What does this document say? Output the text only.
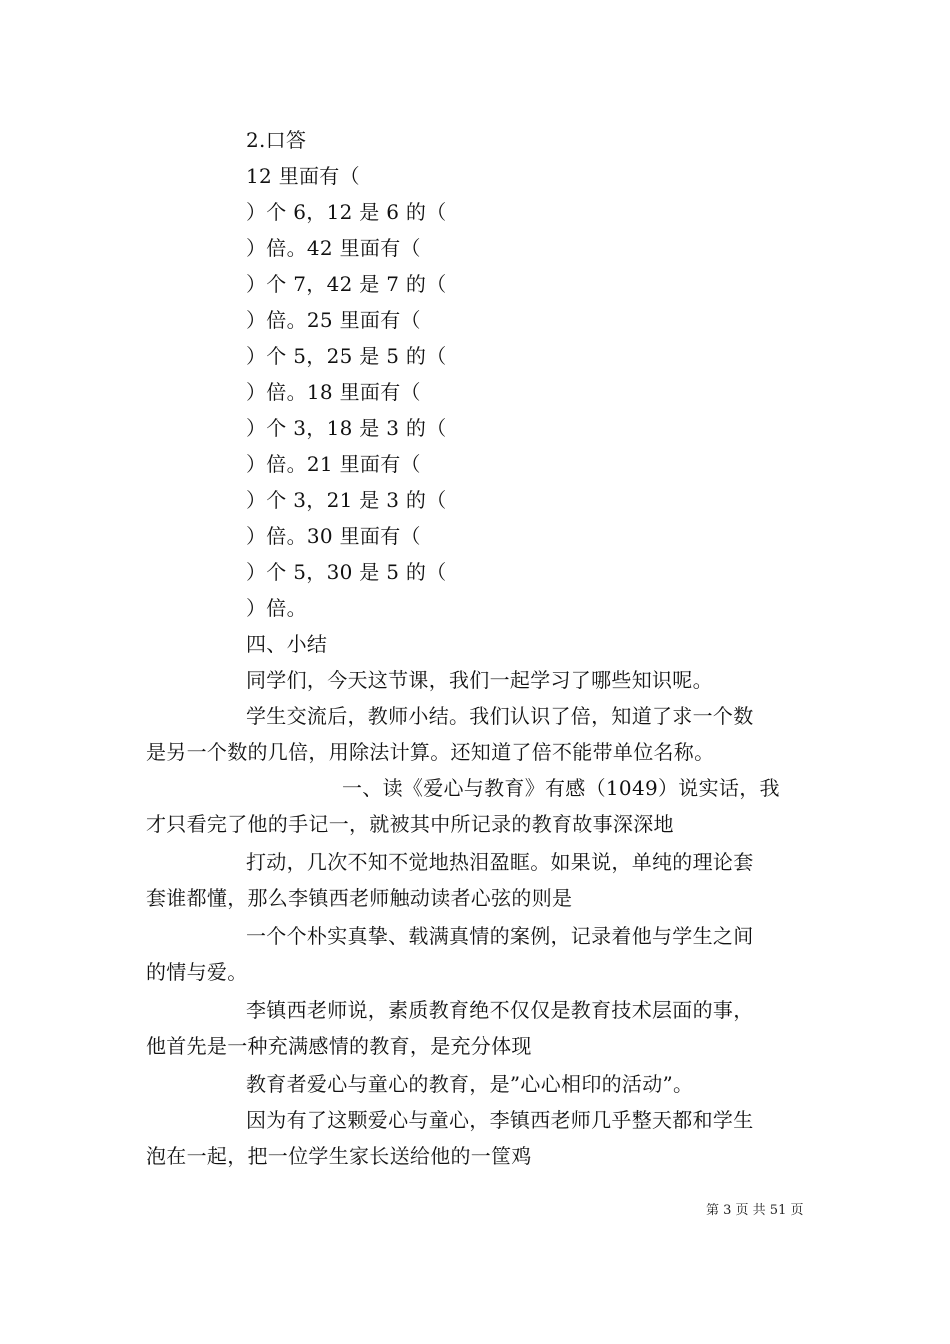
2.口答
12 里面有（
）个 6，12 是 6 的（
）倍。42 里面有（
）个 7，42 是 7 的（
）倍。25 里面有（
）个 5，25 是 5 的（
）倍。18 里面有（
）个 3，18 是 3 的（
）倍。21 里面有（
）个 3，21 是 3 的（
）倍。30 里面有（
）个 5，30 是 5 的（
）倍。
四、小结
同学们，今天这节课，我们一起学习了哪些知识呢。
学生交流后，教师小结。我们认识了倍，知道了求一个数
是另一个数的几倍，用除法计算。还知道了倍不能带单位名称。
一、读《爱心与教育》有感（1049）说实话，我
才只看完了他的手记一，就被其中所记录的教育故事深深地
打动，几次不知不觉地热泪盈眶。如果说，单纯的理论套
套谁都懂，那么李镇西老师触动读者心弦的则是
一个个朴实真挚、载满真情的案例，记录着他与学生之间
的情与爱。
李镇西老师说，素质教育绝不仅仅是教育技术层面的事，
他首先是一种充满感情的教育，是充分体现
教育者爱心与童心的教育，是”心心相印的活动”。
因为有了这颗爱心与童心，李镇西老师几乎整天都和学生
泡在一起，把一位学生家长送给他的一筐鸡
第 3 页 共 51 页
